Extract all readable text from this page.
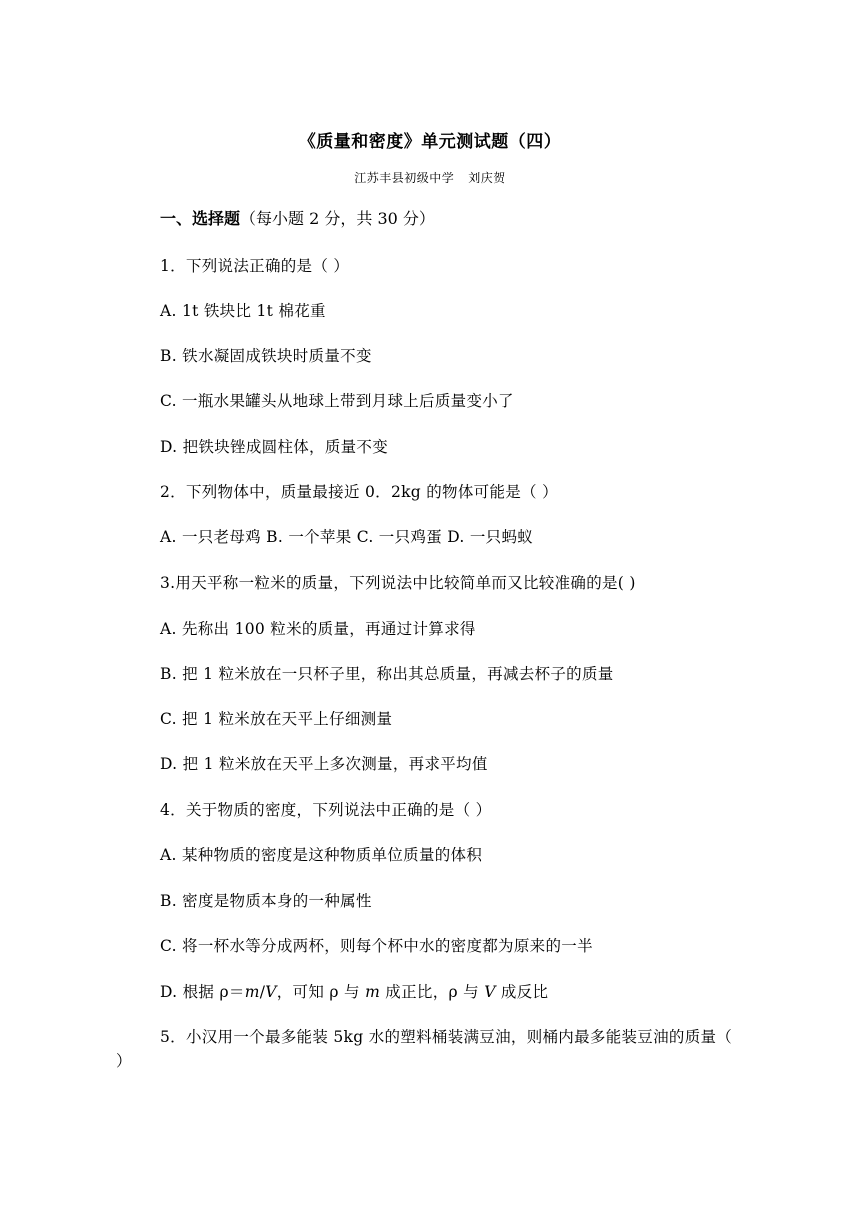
《质量和密度》单元测试题（四）
江苏丰县初级中学 刘庆贺
一、选择题（每小题 2 分，共 30 分）
1．下列说法正确的是（ ）
A. 1t 铁块比 1t 棉花重
B. 铁水凝固成铁块时质量不变
C. 一瓶水果罐头从地球上带到月球上后质量变小了
D. 把铁块锉成圆柱体，质量不变
2．下列物体中，质量最接近 0．2kg 的物体可能是（ ）
A. 一只老母鸡 B. 一个苹果 C. 一只鸡蛋 D. 一只蚂蚁
3.用天平称一粒米的质量，下列说法中比较简单而又比较准确的是( )
A. 先称出 100 粒米的质量，再通过计算求得
B. 把 1 粒米放在一只杯子里，称出其总质量，再减去杯子的质量
C. 把 1 粒米放在天平上仔细测量
D. 把 1 粒米放在天平上多次测量，再求平均值
4．关于物质的密度，下列说法中正确的是（ ）
A. 某种物质的密度是这种物质单位质量的体积
B. 密度是物质本身的一种属性
C. 将一杯水等分成两杯，则每个杯中水的密度都为原来的一半
D. 根据 ρ＝m/V，可知 ρ 与 m 成正比，ρ 与 V 成反比
5．小汉用一个最多能装 5kg 水的塑料桶装满豆油，则桶内最多能装豆油的质量（ ）
